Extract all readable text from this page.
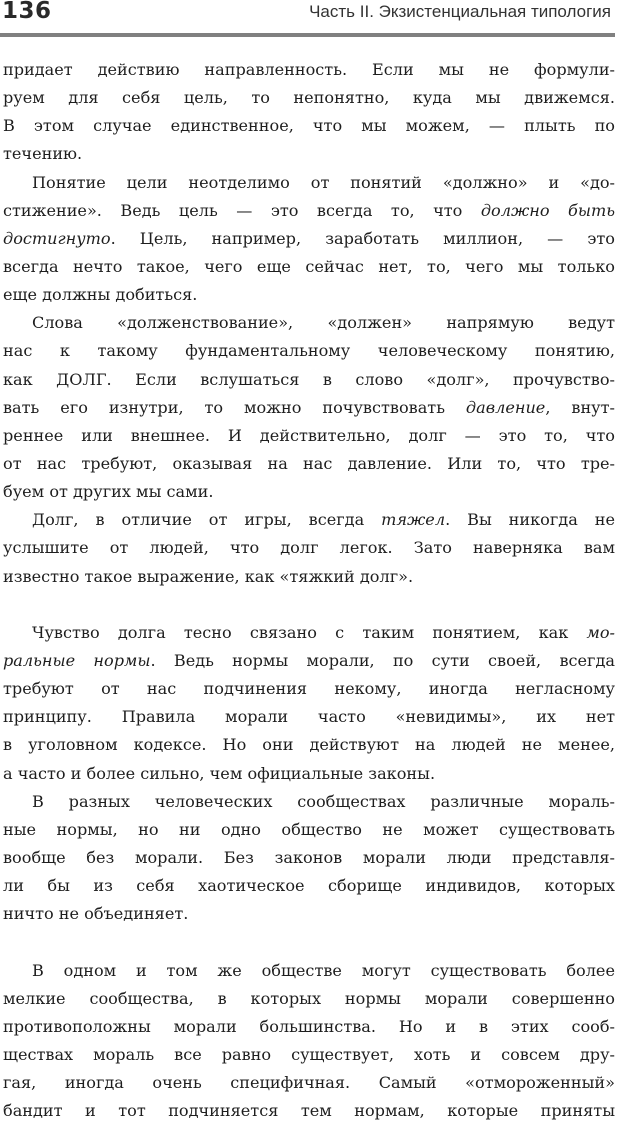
136	Часть II. Экзистенциальная типология
придает действию направленность. Если мы не формули-
руем для себя цель, то непонятно, куда мы движемся.
В этом случае единственное, что мы можем, — плыть по
течению.
Понятие цели неотделимо от понятий «должно» и «до-
стижение». Ведь цель — это всегда то, что должно быть
достигнуто. Цель, например, заработать миллион, — это
всегда нечто такое, чего еще сейчас нет, то, чего мы только
еще должны добиться.
Слова «долженствование», «должен» напрямую ведут
нас к такому фундаментальному человеческому понятию,
как ДОЛГ. Если вслушаться в слово «долг», прочувство-
вать его изнутри, то можно почувствовать давление, внут-
реннее или внешнее. И действительно, долг — это то, что
от нас требуют, оказывая на нас давление. Или то, что тре-
буем от других мы сами.
Долг, в отличие от игры, всегда тяжел. Вы никогда не
услышите от людей, что долг легок. Зато наверняка вам
известно такое выражение, как «тяжкий долг».
Чувство долга тесно связано с таким понятием, как мо-
ральные нормы. Ведь нормы морали, по сути своей, всегда
требуют от нас подчинения некому, иногда негласному
принципу. Правила морали часто «невидимы», их нет
в уголовном кодексе. Но они действуют на людей не менее,
а часто и более сильно, чем официальные законы.
В разных человеческих сообществах различные мораль-
ные нормы, но ни одно общество не может существовать
вообще без морали. Без законов морали люди представля-
ли бы из себя хаотическое сборище индивидов, которых
ничто не объединяет.
В одном и том же обществе могут существовать более
мелкие сообщества, в которых нормы морали совершенно
противоположны морали большинства. Но и в этих сооб-
ществах мораль все равно существует, хоть и совсем дру-
гая, иногда очень специфичная. Самый «отмороженный»
бандит и тот подчиняется тем нормам, которые приняты
